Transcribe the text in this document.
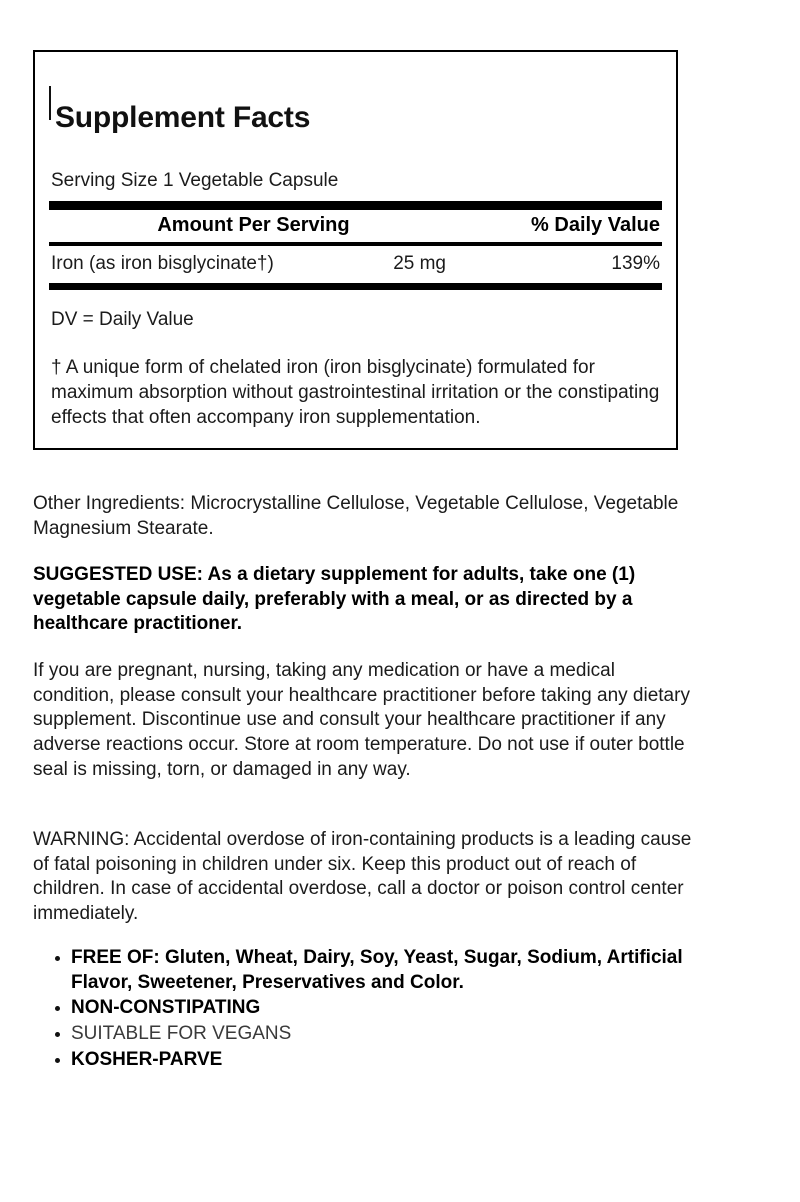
Supplement Facts
Serving Size 1 Vegetable Capsule
Amount Per Serving	% Daily Value
Iron (as iron bisglycinate†)	25 mg	139%
DV = Daily Value
† A unique form of chelated iron (iron bisglycinate) formulated for maximum absorption without gastrointestinal irritation or the constipating effects that often accompany iron supplementation.

Other Ingredients: Microcrystalline Cellulose, Vegetable Cellulose, Vegetable Magnesium Stearate.

SUGGESTED USE: As a dietary supplement for adults, take one (1) vegetable capsule daily, preferably with a meal, or as directed by a healthcare practitioner.

If you are pregnant, nursing, taking any medication or have a medical condition, please consult your healthcare practitioner before taking any dietary supplement. Discontinue use and consult your healthcare practitioner if any adverse reactions occur. Store at room temperature. Do not use if outer bottle seal is missing, torn, or damaged in any way.

WARNING: Accidental overdose of iron-containing products is a leading cause of fatal poisoning in children under six. Keep this product out of reach of children. In case of accidental overdose, call a doctor or poison control center immediately.

FREE OF: Gluten, Wheat, Dairy, Soy, Yeast, Sugar, Sodium, Artificial Flavor, Sweetener, Preservatives and Color.
NON-CONSTIPATING
SUITABLE FOR VEGANS
KOSHER-PARVE
